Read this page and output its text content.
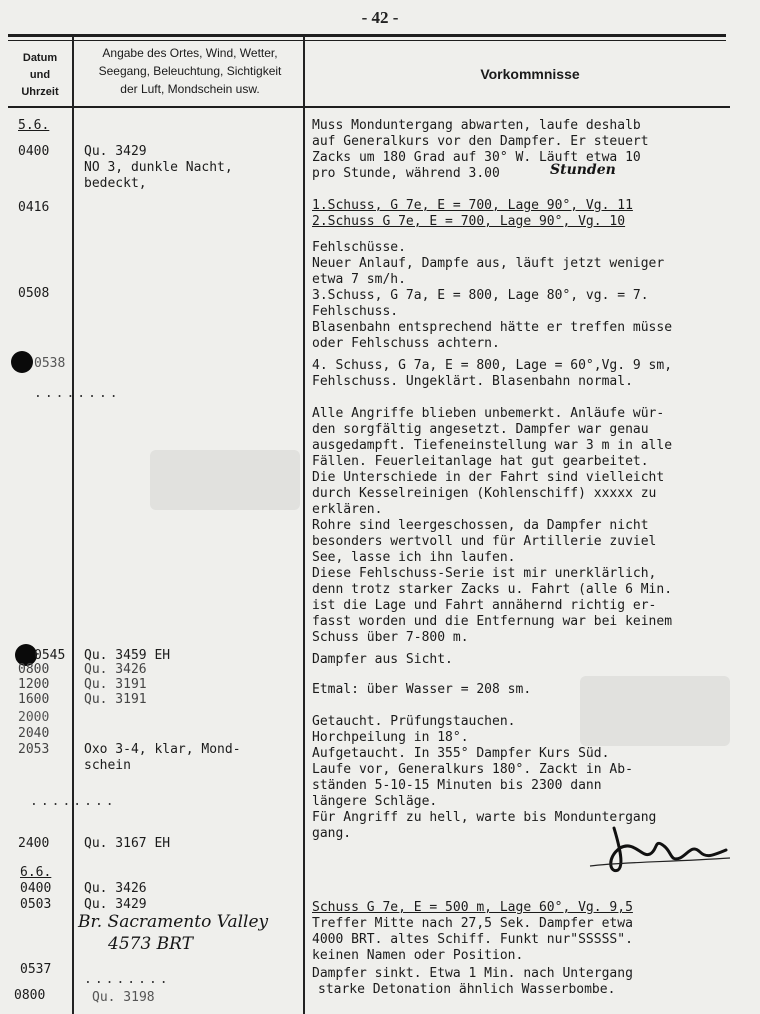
- 42 -
Datum
und
Uhrzeit
Angabe des Ortes, Wind, Wetter,
Seegang, Beleuchtung, Sichtigkeit
der Luft, Mondschein usw.
Vorkommnisse
5.6.
0400
0416
0508
0538
0545
0800
1200
1600
2000
2040
2053
2400
6.6.
0400
0503
0537
0800
Qu. 3429
NO 3, dunkle Nacht,
bedeckt,
Qu. 3459 EH
Qu. 3426
Qu. 3191
Qu. 3191
Oxo 3-4, klar, Mond-
schein
Qu. 3167 EH
Qu. 3426
Qu. 3429
Qu. 3198
........
........
........
Stunden
Br. Sacramento Valley
4573 BRT
Muss Monduntergang abwarten, laufe deshalb
auf Generalkurs vor den Dampfer. Er steuert
Zacks um 180 Grad auf 30° W. Läuft etwa 10
pro Stunde, während 3.00
1.Schuss, G 7e, E = 700, Lage 90°, Vg. 11
2.Schuss G 7e, E = 700, Lage 90°, Vg. 10
Fehlschüsse.
Neuer Anlauf, Dampfe aus, läuft jetzt weniger
etwa 7 sm/h.
3.Schuss, G 7a, E = 800, Lage 80°, vg. = 7.
Fehlschuss.
Blasenbahn entsprechend hätte er treffen müsse
oder Fehlschuss achtern.
4. Schuss, G 7a, E = 800, Lage = 60°,Vg. 9 sm,
Fehlschuss. Ungeklärt. Blasenbahn normal.
Alle Angriffe blieben unbemerkt. Anläufe wür-
den sorgfältig angesetzt. Dampfer war genau
ausgedampft. Tiefeneinstellung war 3 m in alle
Fällen. Feuerleitanlage hat gut gearbeitet.
Die Unterschiede in der Fahrt sind vielleicht
durch Kesselreinigen (Kohlenschiff) xxxxx zu
erklären.
Rohre sind leergeschossen, da Dampfer nicht
besonders wertvoll und für Artillerie zuviel
See, lasse ich ihn laufen.
Diese Fehlschuss-Serie ist mir unerklärlich,
denn trotz starker Zacks u. Fahrt (alle 6 Min.
ist die Lage und Fahrt annähernd richtig er-
fasst worden und die Entfernung war bei keinem
Schuss über 7-800 m.
Dampfer aus Sicht.
Etmal: über Wasser = 208 sm.
Getaucht. Prüfungstauchen.
Horchpeilung in 18°.
Aufgetaucht. In 355° Dampfer Kurs Süd.
Laufe vor, Generalkurs 180°. Zackt in Ab-
ständen 5-10-15 Minuten bis 2300 dann
längere Schläge.
Für Angriff zu hell, warte bis Monduntergang
gang.
Schuss G 7e, E = 500 m, Lage 60°, Vg. 9,5
Treffer Mitte nach 27,5 Sek. Dampfer etwa
4000 BRT. altes Schiff. Funkt nur"SSSSS".
keinen Namen oder Position.
Dampfer sinkt. Etwa 1 Min. nach Untergang
starke Detonation ähnlich Wasserbombe.
